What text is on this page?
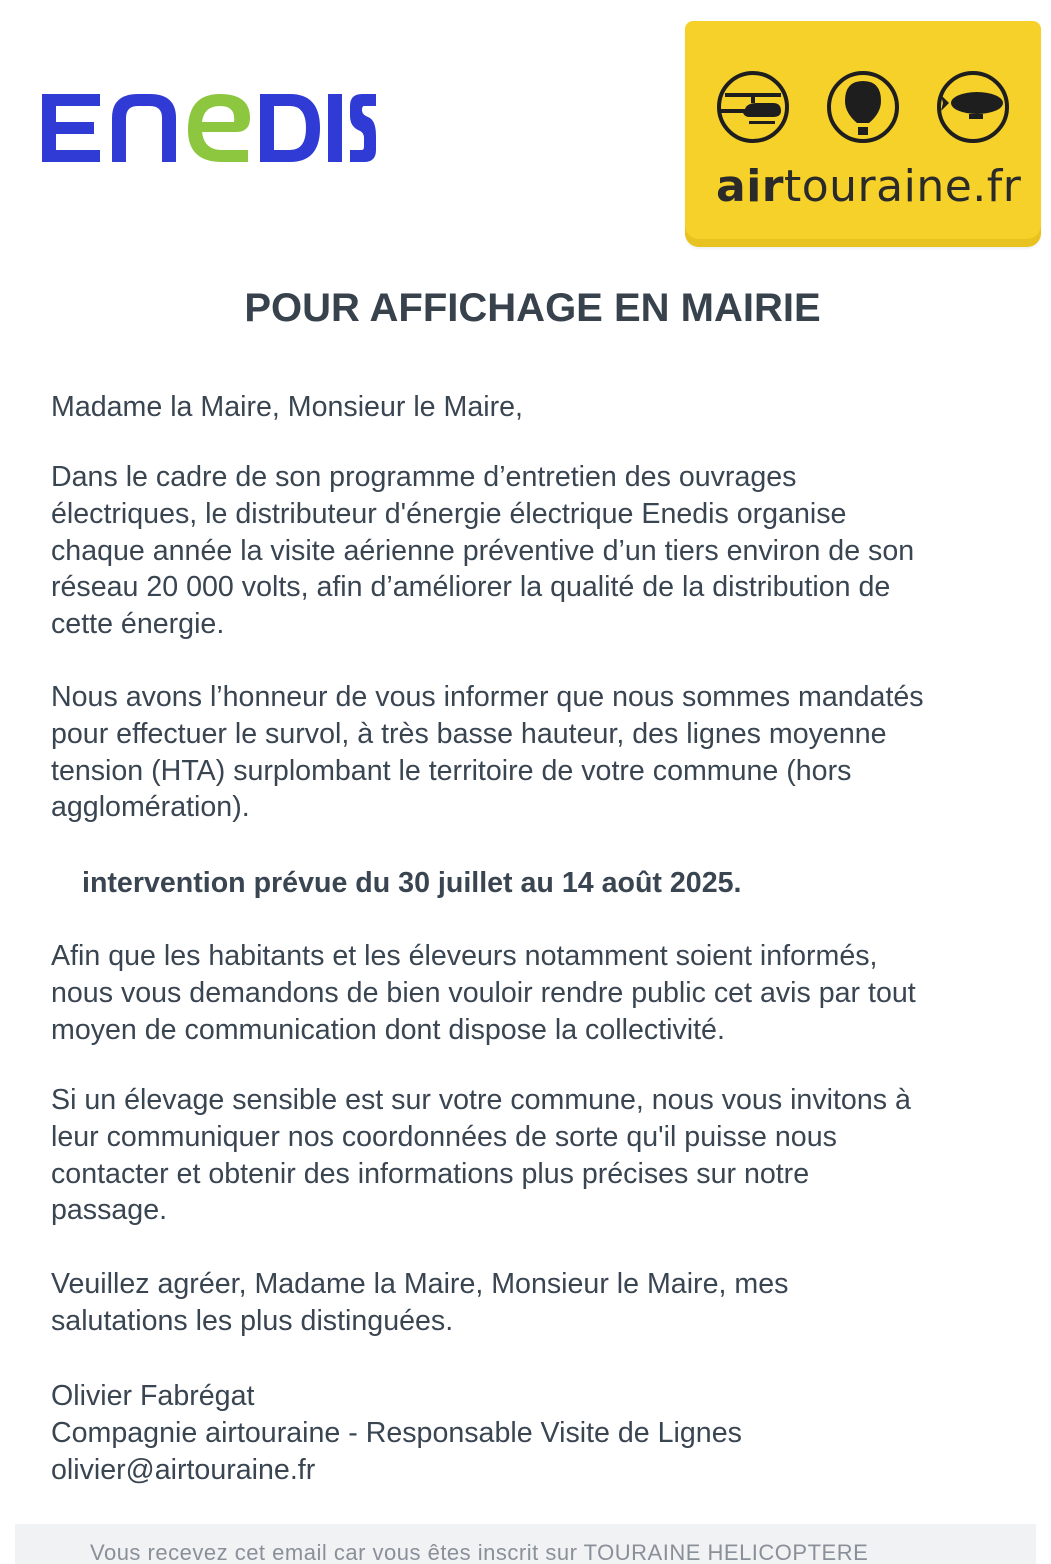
airtouraine.fr
POUR AFFICHAGE EN MAIRIE

Madame la Maire, Monsieur le Maire,

Dans le cadre de son programme d’entretien des ouvrages
électriques, le distributeur d'énergie électrique Enedis organise
chaque année la visite aérienne préventive d’un tiers environ de son
réseau 20 000 volts, afin d’améliorer la qualité de la distribution de
cette énergie.

Nous avons l’honneur de vous informer que nous sommes mandatés
pour effectuer le survol, à très basse hauteur, des lignes moyenne
tension (HTA) surplombant le territoire de votre commune (hors
agglomération).

intervention prévue du 30 juillet au 14 août 2025.

Afin que les habitants et les éleveurs notamment soient informés,
nous vous demandons de bien vouloir rendre public cet avis par tout
moyen de communication dont dispose la collectivité.

Si un élevage sensible est sur votre commune, nous vous invitons à
leur communiquer nos coordonnées de sorte qu'il puisse nous
contacter et obtenir des informations plus précises sur notre
passage.

Veuillez agréer, Madame la Maire, Monsieur le Maire, mes
salutations les plus distinguées.

Olivier Fabrégat
Compagnie airtouraine - Responsable Visite de Lignes
olivier@airtouraine.fr

Vous recevez cet email car vous êtes inscrit sur TOURAINE HELICOPTERE
